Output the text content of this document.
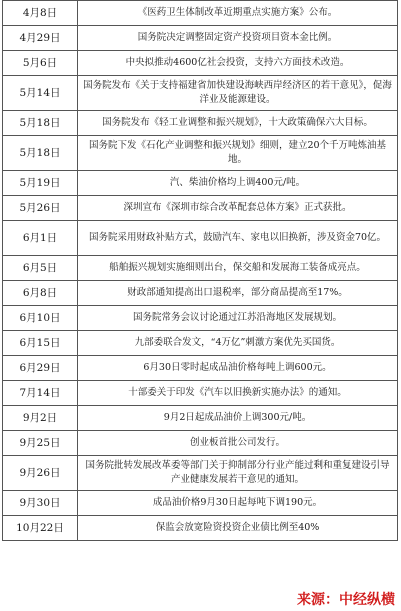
4月8日	《医药卫生体制改革近期重点实施方案》公布。
4月29日	国务院决定调整固定资产投资项目资本金比例。
5月6日	中央拟推动4600亿社会投资，支持六方面技术改造。
5月14日	国务院发布《关于支持福建省加快建设海峡西岸经济区的若干意见》，促海洋业及能源建设。
5月18日	国务院发布《轻工业调整和振兴规划》，十大政策确保六大目标。
5月18日	国务院下发《石化产业调整和振兴规划》细则，建立20个千万吨炼油基地。
5月19日	汽、柴油价格均上调400元/吨。
5月26日	深圳宣布《深圳市综合改革配套总体方案》正式获批。
6月1日	国务院采用财政补贴方式，鼓励汽车、家电以旧换新，涉及资金70亿。
6月5日	船舶振兴规划实施细则出台，保交船和发展海工装备成亮点。
6月8日	财政部通知提高出口退税率，部分商品提高至17%。
6月10日	国务院常务会议讨论通过江苏沿海地区发展规划。
6月15日	九部委联合发文，“4万亿”刺激方案优先买国货。
6月29日	6月30日零时起成品油价格每吨上调600元。
7月14日	十部委关于印发《汽车以旧换新实施办法》的通知。
9月2日	9月2日起成品油价上调300元/吨。
9月25日	创业板首批公司发行。
9月26日	国务院批转发展改革委等部门关于抑制部分行业产能过剩和重复建设引导产业健康发展若干意见的通知。
9月30日	成品油价格9月30日起每吨下调190元。
10月22日	保监会放宽险资投资企业债比例至40%
来源：中经纵横
